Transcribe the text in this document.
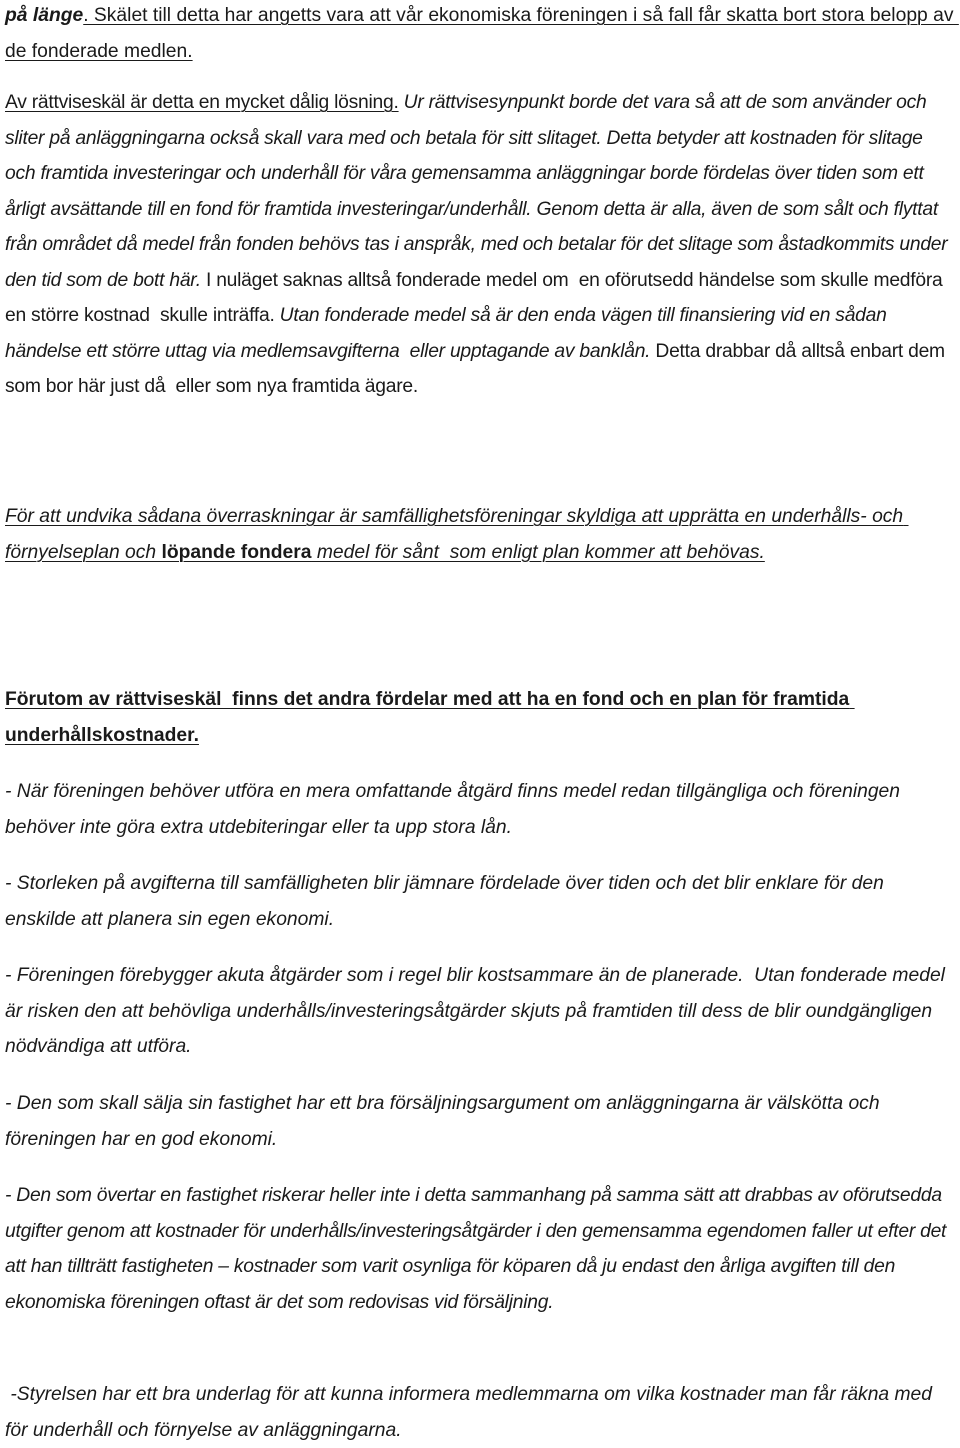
på länge. Skälet till detta har angetts vara att vår ekonomiska föreningen i så fall får skatta bort stora belopp av de fonderade medlen.

Av rättviseskäl är detta en mycket dålig lösning. Ur rättvisesynpunkt borde det vara så att de som använder och sliter på anläggningarna också skall vara med och betala för sitt slitaget. Detta betyder att kostnaden för slitage och framtida investeringar och underhåll för våra gemensamma anläggningar borde fördelas över tiden som ett årligt avsättande till en fond för framtida investeringar/underhåll. Genom detta är alla, även de som sålt och flyttat från området då medel från fonden behövs tas i anspråk, med och betalar för det slitage som åstadkommits under den tid som de bott här. I nuläget saknas alltså fonderade medel om  en oförutsedd händelse som skulle medföra en större kostnad  skulle inträffa. Utan fonderade medel så är den enda vägen till finansiering vid en sådan händelse ett större uttag via medlemsavgifterna  eller upptagande av banklån. Detta drabbar då alltså enbart dem som bor här just då  eller som nya framtida ägare.

För att undvika sådana överraskningar är samfällighetsföreningar skyldiga att upprätta en underhålls- och förnyelseplan och löpande fondera medel för sånt  som enligt plan kommer att behövas.

Förutom av rättviseskäl  finns det andra fördelar med att ha en fond och en plan för framtida underhållskostnader.

- När föreningen behöver utföra en mera omfattande åtgärd finns medel redan tillgängliga och föreningen behöver inte göra extra utdebiteringar eller ta upp stora lån.

- Storleken på avgifterna till samfälligheten blir jämnare fördelade över tiden och det blir enklare för den enskilde att planera sin egen ekonomi.

- Föreningen förebygger akuta åtgärder som i regel blir kostsammare än de planerade.  Utan fonderade medel är risken den att behövliga underhålls/investeringsåtgärder skjuts på framtiden till dess de blir oundgängligen nödvändiga att utföra.

- Den som skall sälja sin fastighet har ett bra försäljningsargument om anläggningarna är välskötta och föreningen har en god ekonomi.

- Den som övertar en fastighet riskerar heller inte i detta sammanhang på samma sätt att drabbas av oförutsedda utgifter genom att kostnader för underhålls/investeringsåtgärder i den gemensamma egendomen faller ut efter det att han tillträtt fastigheten – kostnader som varit osynliga för köparen då ju endast den årliga avgiften till den ekonomiska föreningen oftast är det som redovisas vid försäljning.

-Styrelsen har ett bra underlag för att kunna informera medlemmarna om vilka kostnader man får räkna med för underhåll och förnyelse av anläggningarna.
